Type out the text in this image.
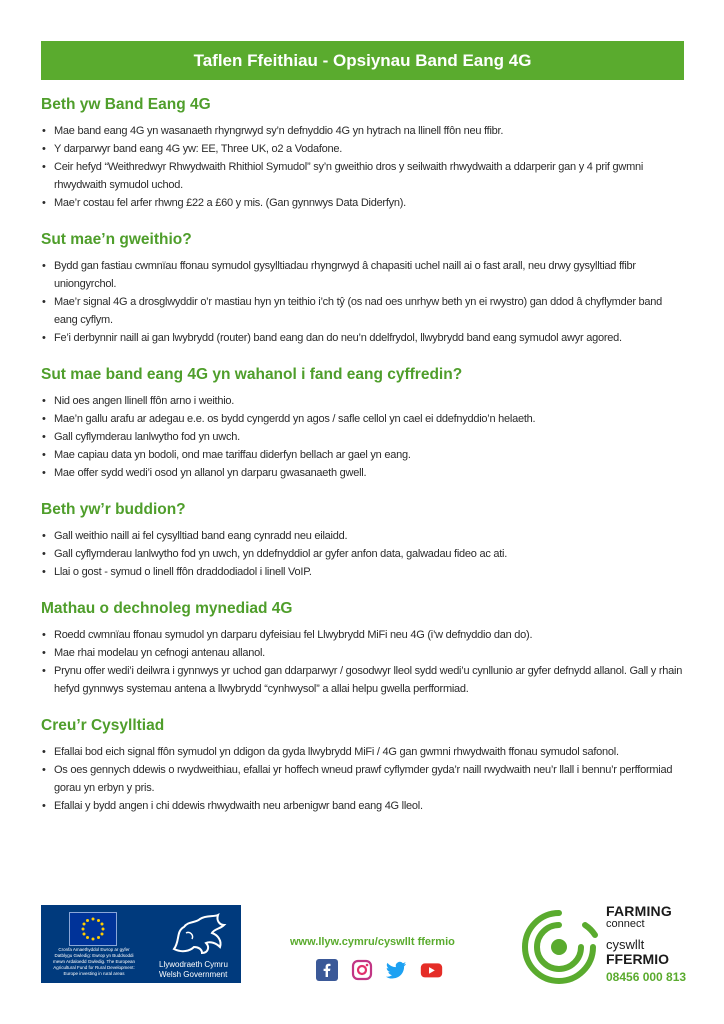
Taflen Ffeithiau - Opsiynau Band Eang 4G
Beth yw Band Eang 4G
• Mae band eang 4G yn wasanaeth rhyngrwyd sy’n defnyddio 4G yn hytrach na llinell ffôn neu ffibr.
• Y darparwyr band eang 4G yw: EE, Three UK, o2 a Vodafone.
• Ceir hefyd “Weithredwyr Rhwydwaith Rhithiol Symudol” sy’n gweithio dros y seilwaith rhwydwaith a ddarperir gan y 4 prif gwmni rhwydwaith symudol uchod.
• Mae’r costau fel arfer rhwng £22 a £60 y mis. (Gan gynnwys Data Diderfyn).
Sut mae’n gweithio?
• Bydd gan fastiau cwmnïau ffonau symudol gysylltiadau rhyngrwyd â chapasiti uchel naill ai o fast arall, neu drwy gysylltiad ffibr uniongyrchol.
• Mae’r signal 4G a drosglwyddir o’r mastiau hyn yn teithio i’ch tŷ (os nad oes unrhyw beth yn ei rwystro) gan ddod â chyflymder band eang cyflym.
• Fe’i derbynnir naill ai gan lwybrydd (router) band eang dan do neu’n ddelfrydol, llwybrydd band eang symudol awyr agored.
Sut mae band eang 4G yn wahanol i fand eang cyffredin?
• Nid oes angen llinell ffôn arno i weithio.
• Mae’n gallu arafu ar adegau e.e. os bydd cyngerdd yn agos / safle cellol yn cael ei ddefnyddio’n helaeth.
• Gall cyflymderau lanlwytho fod yn uwch.
• Mae capiau data yn bodoli, ond mae tariffau diderfyn bellach ar gael yn eang.
• Mae offer sydd wedi’i osod yn allanol yn darparu gwasanaeth gwell.
Beth yw’r buddion?
• Gall weithio naill ai fel cysylltiad band eang cynradd neu eilaidd.
• Gall cyflymderau lanlwytho fod yn uwch, yn ddefnyddiol ar gyfer anfon data, galwadau fideo ac ati.
• Llai o gost - symud o linell ffôn draddodiadol i linell VoIP.
Mathau o dechnoleg mynediad 4G
• Roedd cwmnïau ffonau symudol yn darparu dyfeisiau fel Llwybrydd MiFi neu 4G (i’w defnyddio dan do).
• Mae rhai modelau yn cefnogi antenau allanol.
• Prynu offer wedi’i deilwra i gynnwys yr uchod gan ddarparwyr / gosodwyr lleol sydd wedi’u cynllunio ar gyfer defnydd allanol. Gall y rhain hefyd gynnwys systemau antena a llwybrydd “cynhwysol” a allai helpu gwella perfformiad.
Creu’r Cysylltiad
• Efallai bod eich signal ffôn symudol yn ddigon da gyda llwybrydd MiFi / 4G gan gwmni rhwydwaith ffonau symudol safonol.
• Os oes gennych ddewis o rwydweithiau, efallai yr hoffech wneud prawf cyflymder gyda’r naill rwydwaith neu’r llall i bennu’r perfformiad gorau yn erbyn y pris.
• Efallai y bydd angen i chi ddewis rhwydwaith neu arbenigwr band eang 4G lleol.
Cronfa Amaethyddol Ewrop ar gyfer Datblygu Gwledig: Ewrop yn Buddsoddi mewn Ardaloedd Gwledig. The European Agricultural Fund for Rural Development: Europe investing in rural areas
Llywodraeth Cymru
Welsh Government
www.llyw.cymru/cyswllt ffermio
FARMING
connect
cyswllt
FFERMIO
08456 000 813
